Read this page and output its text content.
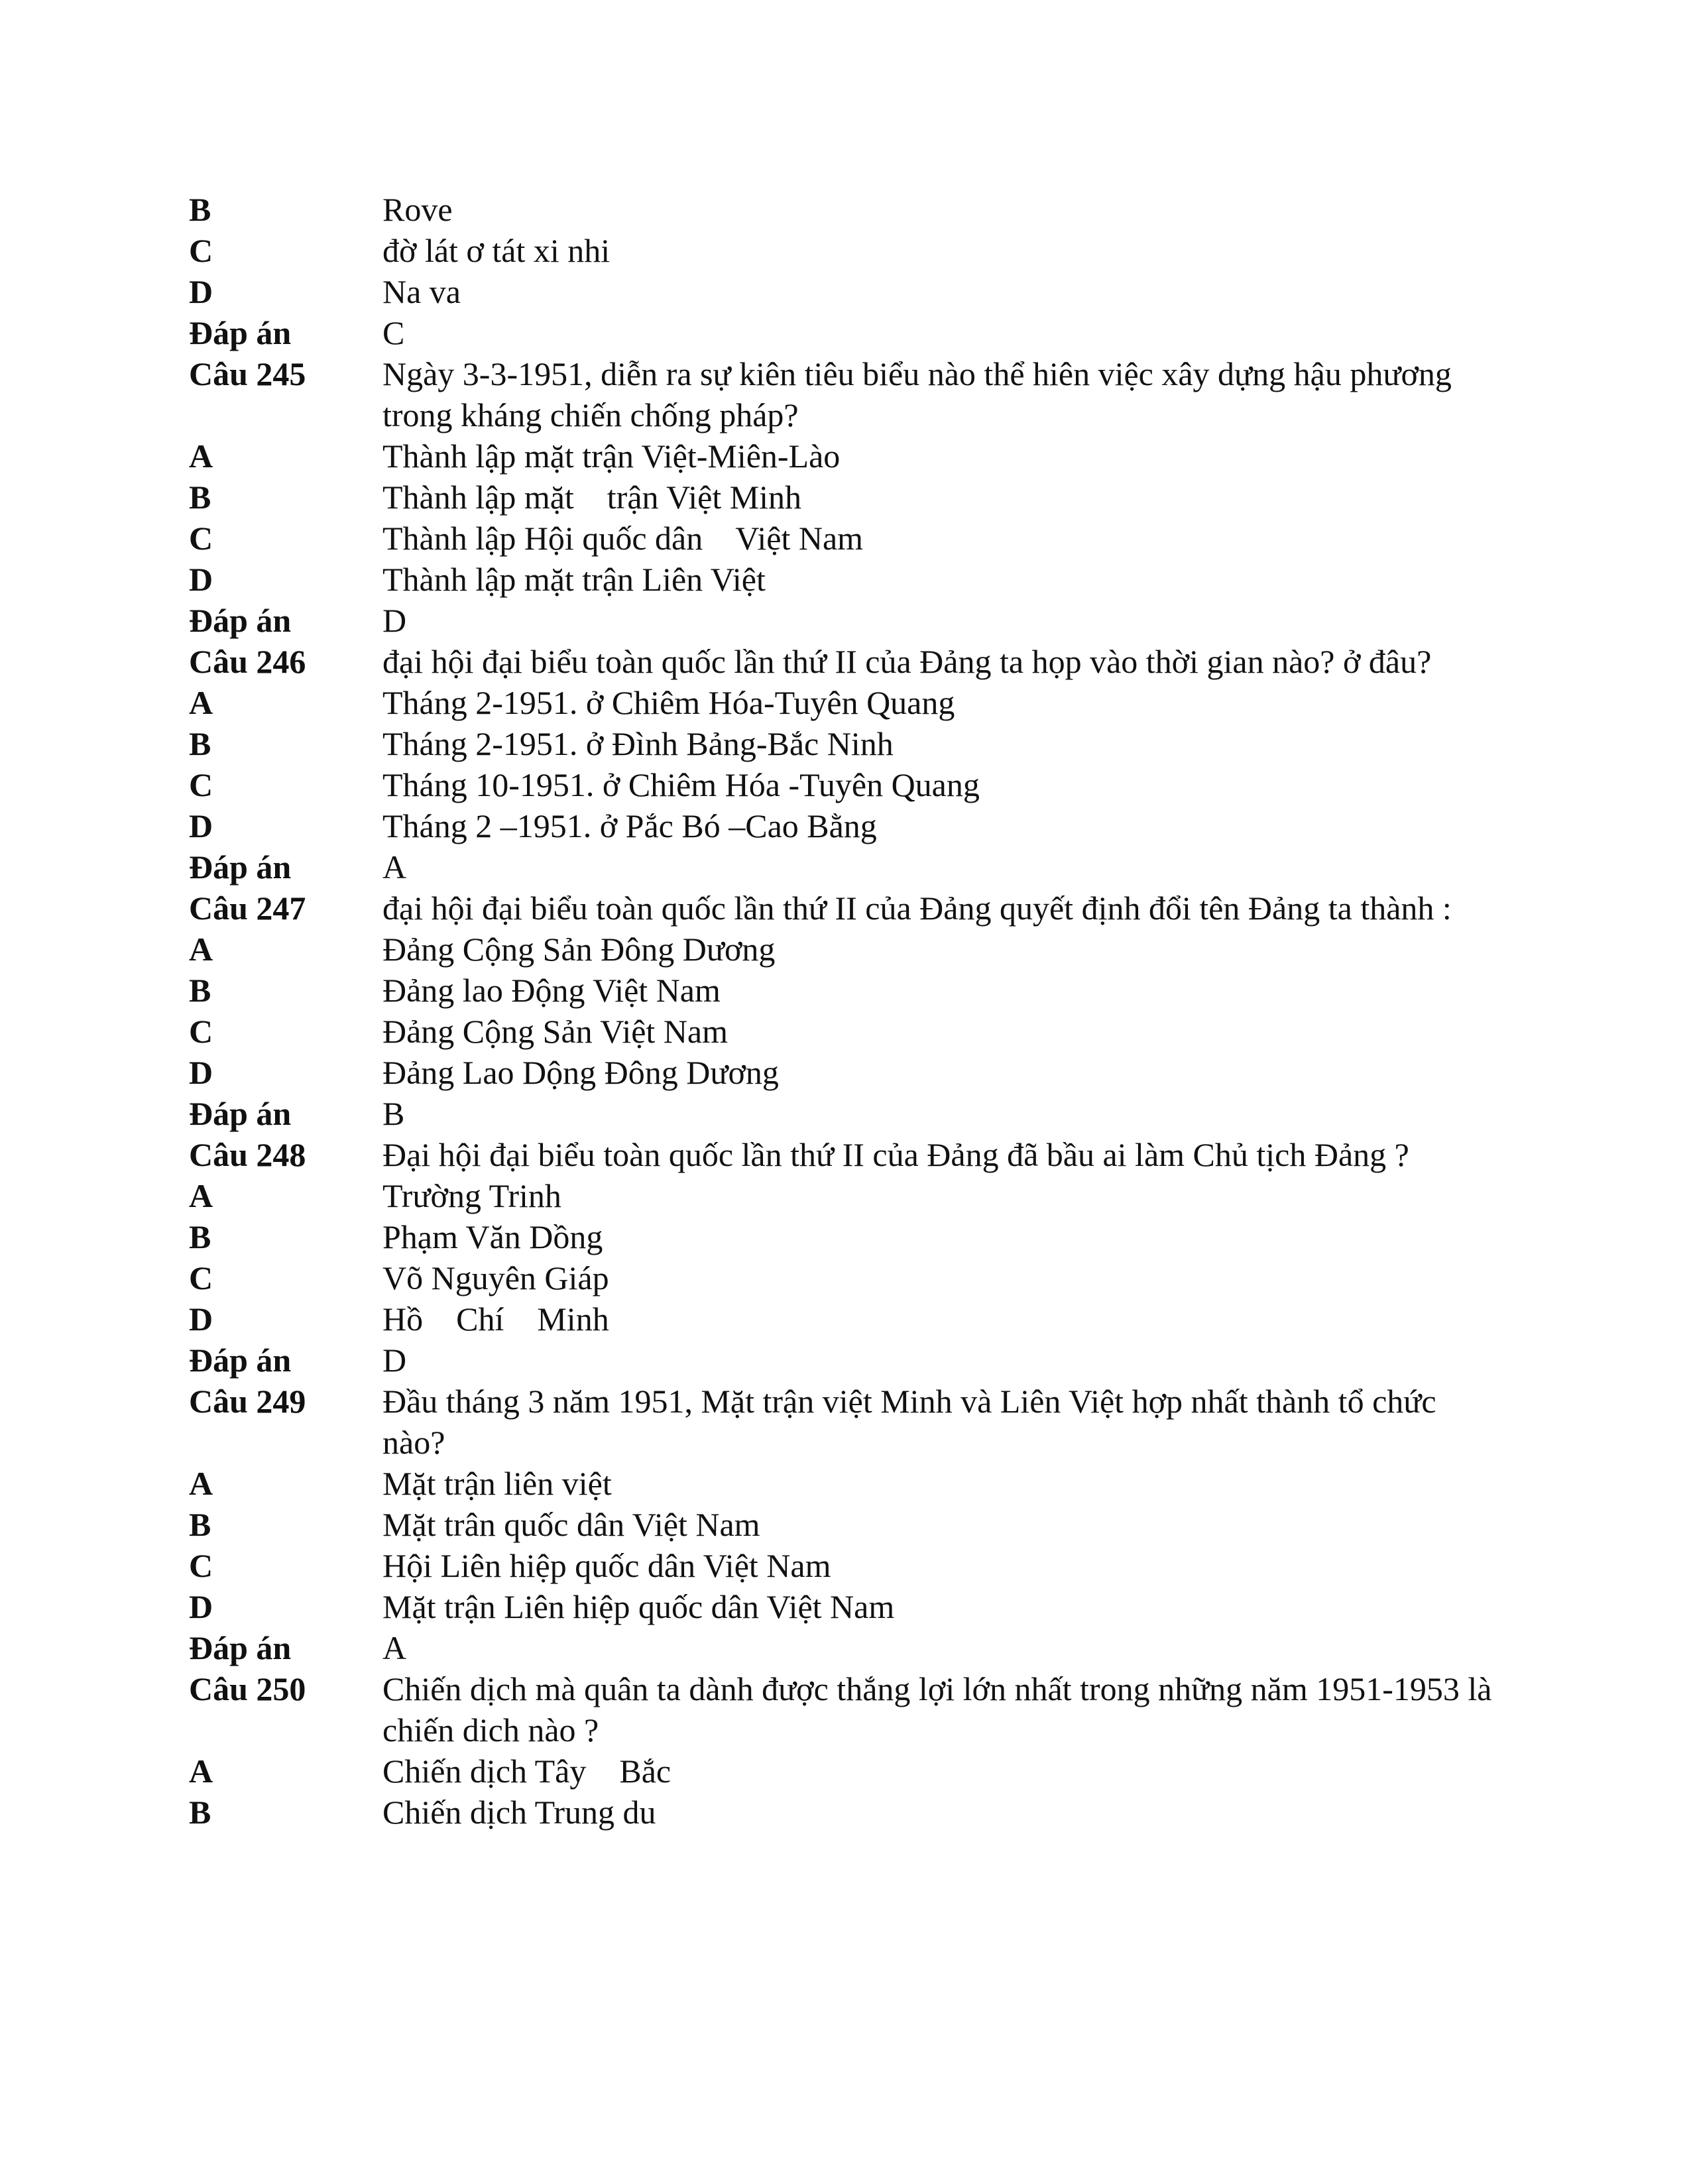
B	Rove
C	đờ lát ơ tát xi nhi
D	Na va
Đáp án	C
Câu 245	Ngày 3-3-1951, diễn ra sự kiên tiêu biểu nào thể hiên việc xây dựng hậu phương trong kháng chiến chống pháp?
A	Thành lập mặt trận Việt-Miên-Lào
B	Thành lập mặt    trận Việt Minh
C	Thành lập Hội quốc dân    Việt Nam
D	Thành lập mặt trận Liên Việt
Đáp án	D
Câu 246	đại hội đại biểu toàn quốc lần thứ II của Đảng ta họp vào thời gian nào? ở đâu?
A	Tháng 2-1951. ở Chiêm Hóa-Tuyên Quang
B	Tháng 2-1951. ở Đình Bảng-Bắc Ninh
C	Tháng 10-1951. ở Chiêm Hóa -Tuyên Quang
D	Tháng 2 –1951. ở Pắc Bó –Cao Bằng
Đáp án	A
Câu 247	đại hội đại biểu toàn quốc lần thứ II của Đảng quyết định đổi tên Đảng ta thành :
A	Đảng Cộng Sản Đông Dương
B	Đảng lao Động Việt Nam
C	Đảng Cộng Sản Việt Nam
D	Đảng Lao Dộng Đông Dương
Đáp án	B
Câu 248	Đại hội đại biểu toàn quốc lần thứ II của Đảng đã bầu ai làm Chủ tịch Đảng ?
A	Trường Trinh
B	Phạm Văn Dồng
C	Võ Nguyên Giáp
D	Hồ    Chí    Minh
Đáp án	D
Câu 249	Đầu tháng 3 năm 1951, Mặt trận việt Minh và Liên Việt hợp nhất thành tổ chức nào?
A	Mặt trận liên việt
B	Mặt trân quốc dân Việt Nam
C	Hội Liên hiệp quốc dân Việt Nam
D	Mặt trận Liên hiệp quốc dân Việt Nam
Đáp án	A
Câu 250	Chiến dịch mà quân ta dành được thắng lợi lớn nhất trong những năm 1951-1953 là chiến dich nào ?
A	Chiến dịch Tây    Bắc
B	Chiến dịch Trung du
